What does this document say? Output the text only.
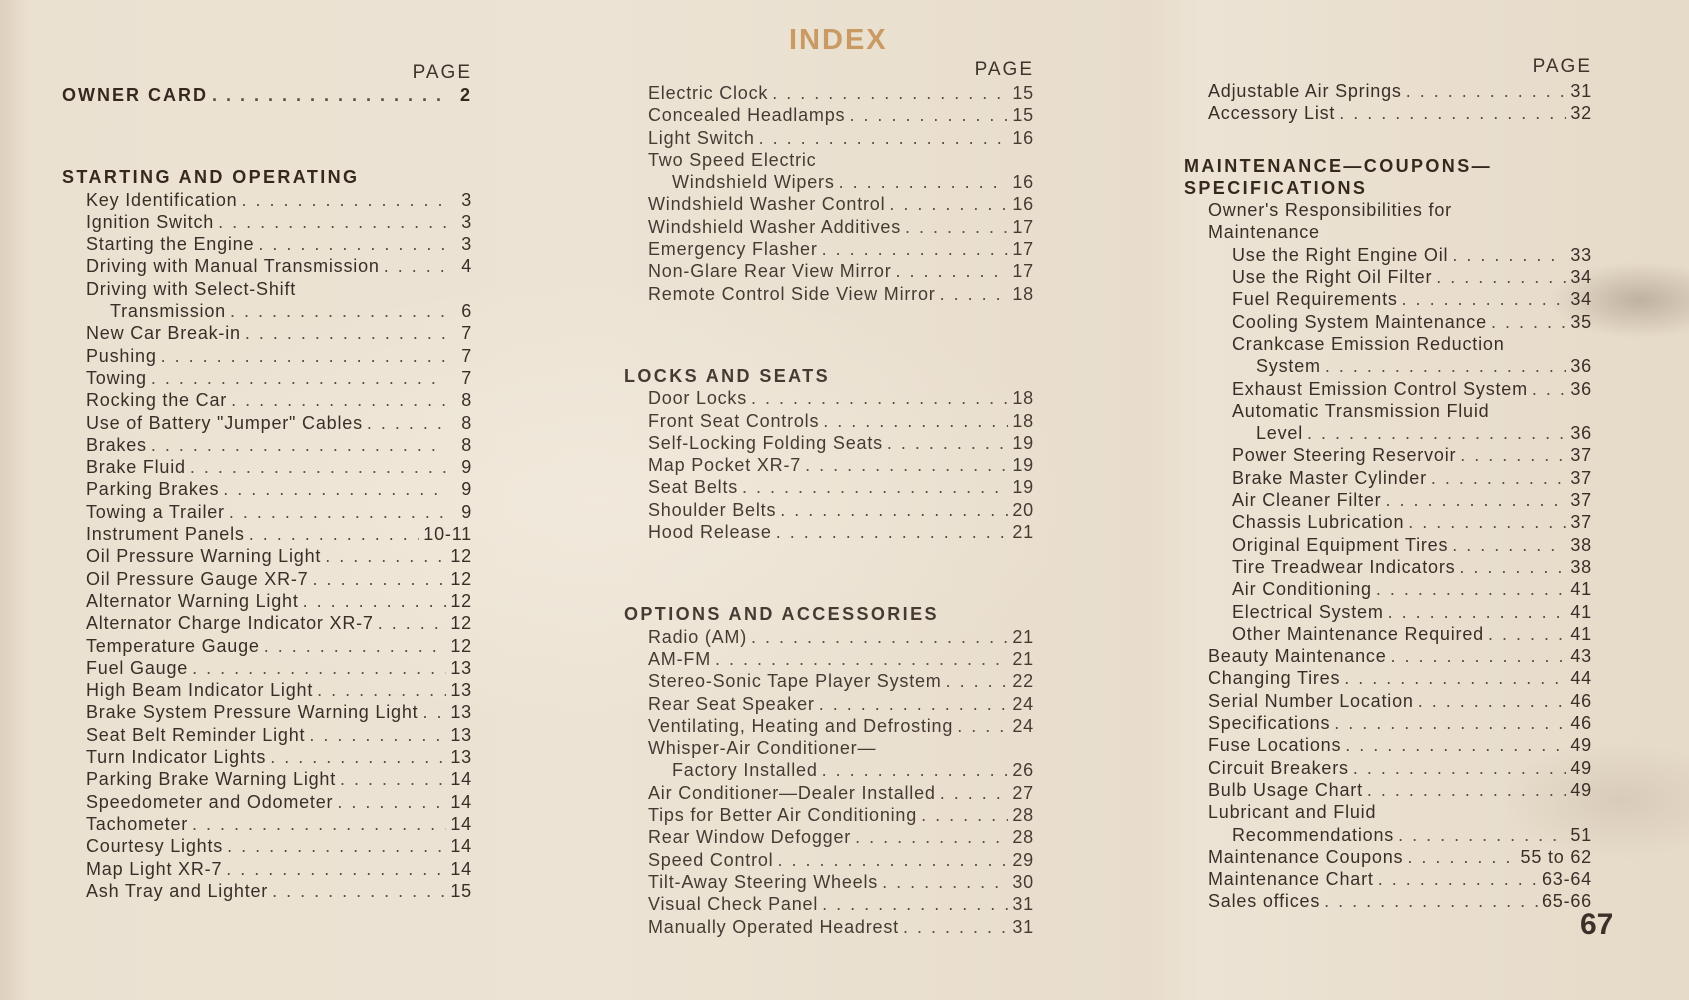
INDEX
PAGE
OWNER CARD . . .	2
STARTING AND OPERATING
Key Identification . . .	3
Ignition Switch . . .	3
Starting the Engine . . .	3
Driving with Manual Transmission . . .	4
Driving with Select-Shift
Transmission . . .	6
New Car Break-in . . .	7
Pushing . . .	7
Towing . . .	7
Rocking the Car . . .	8
Use of Battery "Jumper" Cables . . .	8
Brakes . . .	8
Brake Fluid . . .	9
Parking Brakes . . .	9
Towing a Trailer . . .	9
Instrument Panels . . .	10-11
Oil Pressure Warning Light . . .	12
Oil Pressure Gauge XR-7 . . .	12
Alternator Warning Light . . .	12
Alternator Charge Indicator XR-7 . . .	12
Temperature Gauge . . .	12
Fuel Gauge . . .	13
High Beam Indicator Light . . .	13
Brake System Pressure Warning Light . . . 13
Seat Belt Reminder Light . . .	13
Turn Indicator Lights . . .	13
Parking Brake Warning Light . . .	14
Speedometer and Odometer . . .	14
Tachometer . . .	14
Courtesy Lights . . .	14
Map Light XR-7 . . .	14
Ash Tray and Lighter . . .	15
PAGE
Electric Clock . . .	15
Concealed Headlamps . . .	15
Light Switch . . .	16
Two Speed Electric
Windshield Wipers . . .	16
Windshield Washer Control . . .	16
Windshield Washer Additives . . .	17
Emergency Flasher . . .	17
Non-Glare Rear View Mirror . . .	17
Remote Control Side View Mirror . . .	18
LOCKS AND SEATS
Door Locks . . .	18
Front Seat Controls . . .	18
Self-Locking Folding Seats . . .	19
Map Pocket XR-7 . . .	19
Seat Belts . . .	19
Shoulder Belts . . .	20
Hood Release . . .	21
OPTIONS AND ACCESSORIES
Radio (AM) . . .	21
AM-FM . . .	21
Stereo-Sonic Tape Player System . . .	22
Rear Seat Speaker . . .	24
Ventilating, Heating and Defrosting . . .	24
Whisper-Air Conditioner—
Factory Installed . . .	26
Air Conditioner—Dealer Installed . . .	27
Tips for Better Air Conditioning . . .	28
Rear Window Defogger . . .	28
Speed Control . . .	29
Tilt-Away Steering Wheels . . .	30
Visual Check Panel . . .	31
Manually Operated Headrest . . .	31
PAGE
Adjustable Air Springs . . .	31
Accessory List . . .	32
MAINTENANCE—COUPONS—
SPECIFICATIONS
Owner's Responsibilities for
Maintenance
Use the Right Engine Oil . . .	33
Use the Right Oil Filter . . .	34
Fuel Requirements . . .	34
Cooling System Maintenance . . .	35
Crankcase Emission Reduction
System . . .	36
Exhaust Emission Control System . . . 36
Automatic Transmission Fluid
Level . . .	36
Power Steering Reservoir . . .	37
Brake Master Cylinder . . .	37
Air Cleaner Filter . . .	37
Chassis Lubrication . . .	37
Original Equipment Tires . . .	38
Tire Treadwear Indicators . . .	38
Air Conditioning . . .	41
Electrical System . . .	41
Other Maintenance Required . . .	41
Beauty Maintenance . . .	43
Changing Tires . . .	44
Serial Number Location . . .	46
Specifications . . .	46
Fuse Locations . . .	49
Circuit Breakers . . .	49
Bulb Usage Chart . . .	49
Lubricant and Fluid
Recommendations . . .	51
Maintenance Coupons . . .	55 to 62
Maintenance Chart . . .	63-64
Sales offices . . .	65-66
67
